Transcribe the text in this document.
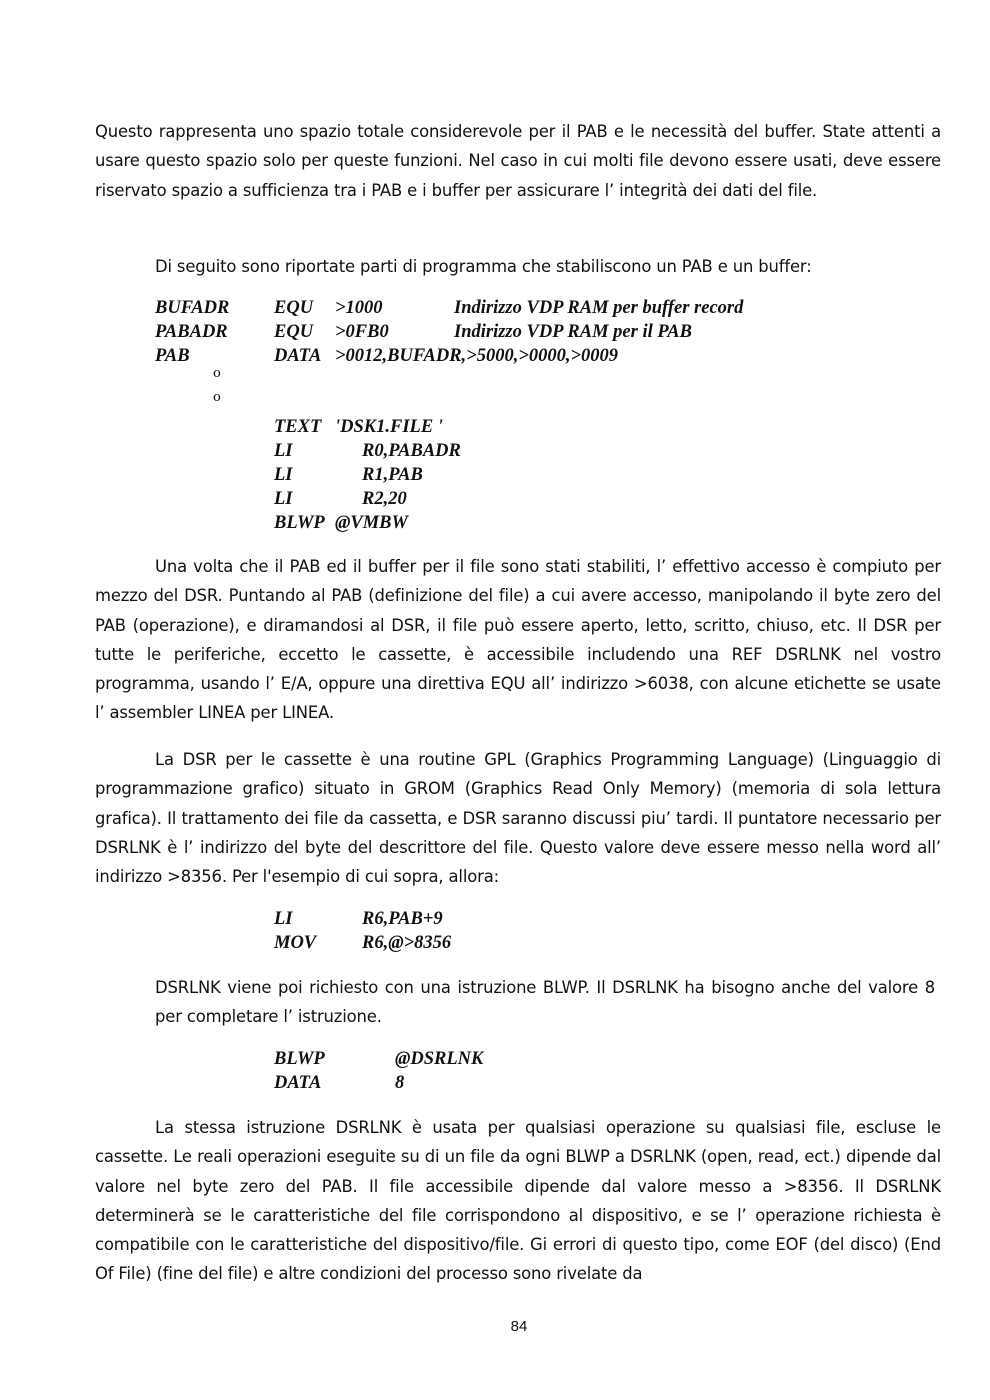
Questo rappresenta uno spazio totale considerevole per il PAB e le necessità del buffer. State attenti a usare questo spazio solo per queste funzioni. Nel caso in cui molti file devono essere usati, deve essere riservato spazio a sufficienza tra i PAB e i buffer per assicurare l’ integrità dei dati del file.

Di seguito sono riportate parti di programma che stabiliscono un PAB e un buffer:

BUFADR EQU >1000	Indirizzo VDP RAM per buffer record
PABADR	EQU >0FB0	Indirizzo VDP RAM per il PAB
PAB	DATA >0012,BUFADR,>5000,>0000,>0009
o
o
TEXT 'DSK1.FILE '
LI	R0,PABADR
LI	R1,PAB
LI	R2,20
BLWP @VMBW

Una volta che il PAB ed il buffer per il file sono stati stabiliti, l’ effettivo accesso è compiuto per mezzo del DSR. Puntando al PAB (definizione del file) a cui avere accesso, manipolando il byte zero del PAB (operazione), e diramandosi al DSR, il file può essere aperto, letto, scritto, chiuso, etc. Il DSR per tutte le periferiche, eccetto le cassette, è accessibile includendo una REF DSRLNK nel vostro programma, usando l’ E/A, oppure una direttiva EQU all’ indirizzo >6038, con alcune etichette se usate l’ assembler LINEA per LINEA.

La DSR per le cassette è una routine GPL (Graphics Programming Language) (Linguaggio di programmazione grafico) situato in GROM (Graphics Read Only Memory) (memoria di sola lettura grafica). Il trattamento dei file da cassetta, e DSR saranno discussi piu’ tardi. Il puntatore necessario per DSRLNK è l’ indirizzo del byte del descrittore del file. Questo valore deve essere messo nella word all’ indirizzo >8356. Per l'esempio di cui sopra, allora:

LI	R6,PAB+9
MOV R6,@>8356

DSRLNK viene poi richiesto con una istruzione BLWP. Il DSRLNK ha bisogno anche del valore 8 per completare l’ istruzione.

BLWP	@DSRLNK
DATA	8

La stessa istruzione DSRLNK è usata per qualsiasi operazione su qualsiasi file, escluse le cassette. Le reali operazioni eseguite su di un file da ogni BLWP a DSRLNK (open, read, ect.) dipende dal valore nel byte zero del PAB. Il file accessibile dipende dal valore messo a >8356. Il DSRLNK determinerà se le caratteristiche del file corrispondono al dispositivo, e se l’ operazione richiesta è compatibile con le caratteristiche del dispositivo/file. Gi errori di questo tipo, come EOF (del disco) (End Of File) (fine del file) e altre condizioni del processo sono rivelate da

84
